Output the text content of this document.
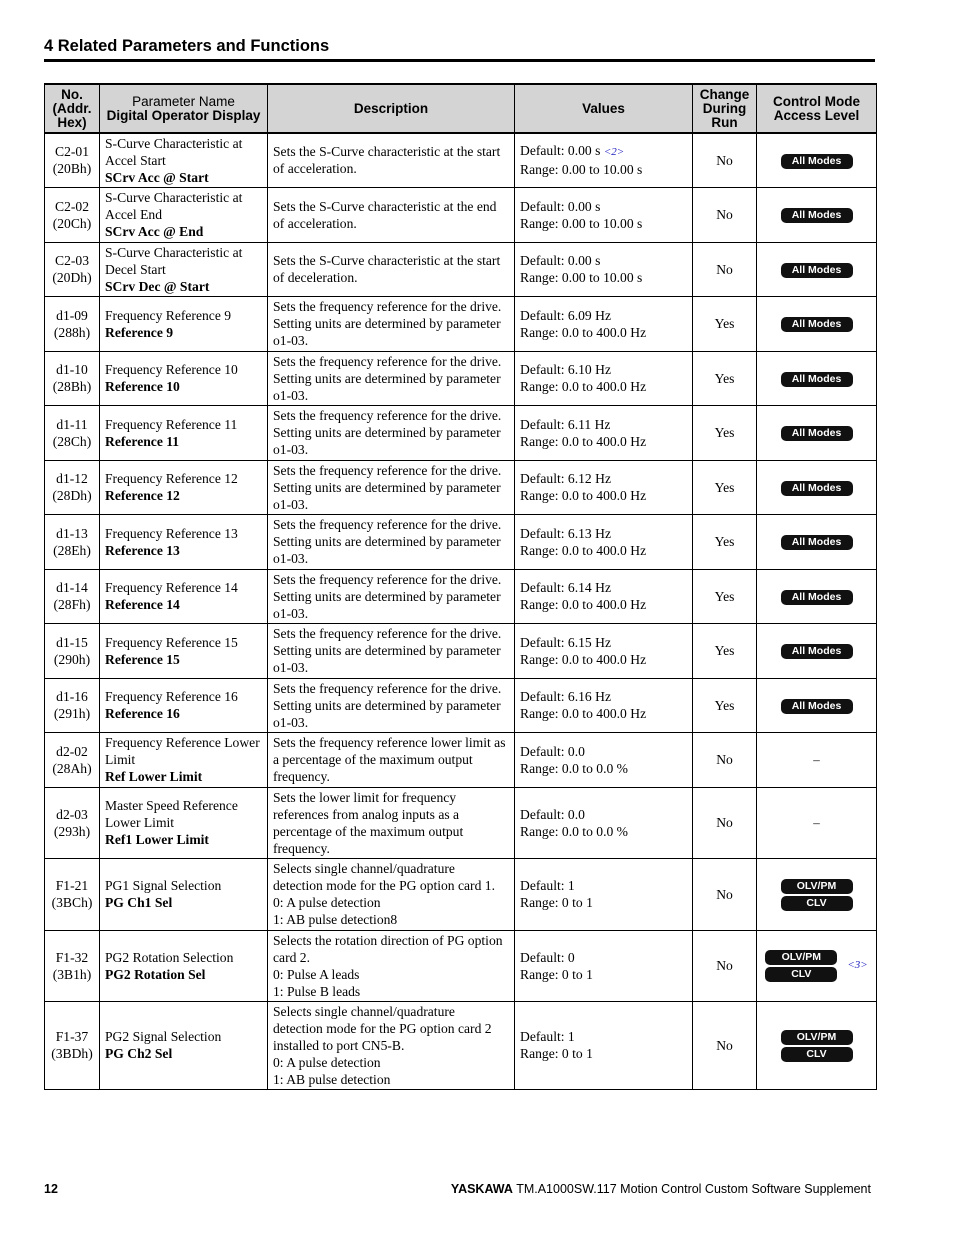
4 Related Parameters and Functions
No.
(Addr.
Hex)	Parameter Name
Digital Operator Display	Description	Values	Change
During
Run	Control Mode
Access Level

C2-01
(20Bh)	S-Curve Characteristic at
Accel Start
SCrv Acc @ Start	Sets the S-Curve characteristic at the start
of acceleration.	Default: 0.00 s <2>
Range: 0.00 to 10.00 s	No	All Modes

C2-02
(20Ch)	S-Curve Characteristic at
Accel End
SCrv Acc @ End	Sets the S-Curve characteristic at the end
of acceleration.	Default: 0.00 s
Range: 0.00 to 10.00 s	No	All Modes

C2-03
(20Dh)	S-Curve Characteristic at
Decel Start
SCrv Dec @ Start	Sets the S-Curve characteristic at the start
of deceleration.	Default: 0.00 s
Range: 0.00 to 10.00 s	No	All Modes

d1-09
(288h)	Frequency Reference 9
Reference 9	Sets the frequency reference for the drive.
Setting units are determined by parameter
o1-03.	Default: 6.09 Hz
Range: 0.0 to 400.0 Hz	Yes	All Modes

d1-10
(28Bh)	Frequency Reference 10
Reference 10	Sets the frequency reference for the drive.
Setting units are determined by parameter
o1-03.	Default: 6.10 Hz
Range: 0.0 to 400.0 Hz	Yes	All Modes

d1-11
(28Ch)	Frequency Reference 11
Reference 11	Sets the frequency reference for the drive.
Setting units are determined by parameter
o1-03.	Default: 6.11 Hz
Range: 0.0 to 400.0 Hz	Yes	All Modes

d1-12
(28Dh)	Frequency Reference 12
Reference 12	Sets the frequency reference for the drive.
Setting units are determined by parameter
o1-03.	Default: 6.12 Hz
Range: 0.0 to 400.0 Hz	Yes	All Modes

d1-13
(28Eh)	Frequency Reference 13
Reference 13	Sets the frequency reference for the drive.
Setting units are determined by parameter
o1-03.	Default: 6.13 Hz
Range: 0.0 to 400.0 Hz	Yes	All Modes

d1-14
(28Fh)	Frequency Reference 14
Reference 14	Sets the frequency reference for the drive.
Setting units are determined by parameter
o1-03.	Default: 6.14 Hz
Range: 0.0 to 400.0 Hz	Yes	All Modes

d1-15
(290h)	Frequency Reference 15
Reference 15	Sets the frequency reference for the drive.
Setting units are determined by parameter
o1-03.	Default: 6.15 Hz
Range: 0.0 to 400.0 Hz	Yes	All Modes

d1-16
(291h)	Frequency Reference 16
Reference 16	Sets the frequency reference for the drive.
Setting units are determined by parameter
o1-03.	Default: 6.16 Hz
Range: 0.0 to 400.0 Hz	Yes	All Modes

d2-02
(28Ah)	Frequency Reference Lower
Limit
Ref Lower Limit	Sets the frequency reference lower limit as
a percentage of the maximum output
frequency.	Default: 0.0
Range: 0.0 to 0.0 %	No	–

d2-03
(293h)	Master Speed Reference
Lower Limit
Ref1 Lower Limit	Sets the lower limit for frequency
references from analog inputs as a
percentage of the maximum output
frequency.	Default: 0.0
Range: 0.0 to 0.0 %	No	–

F1-21
(3BCh)	PG1 Signal Selection
PG Ch1 Sel	Selects single channel/quadrature
detection mode for the PG option card 1.
0: A pulse detection
1: AB pulse detection8	Default: 1
Range: 0 to 1	No	OLV/PM
CLV

F1-32
(3B1h)	PG2 Rotation Selection
PG2 Rotation Sel	Selects the rotation direction of PG option
card 2.
0: Pulse A leads
1: Pulse B leads	Default: 0
Range: 0 to 1	No	OLV/PM
CLV
<3>

F1-37
(3BDh)	PG2 Signal Selection
PG Ch2 Sel	Selects single channel/quadrature
detection mode for the PG option card 2
installed to port CN5-B.
0: A pulse detection
1: AB pulse detection	Default: 1
Range: 0 to 1	No	OLV/PM
CLV
12	YASKAWA TM.A1000SW.117 Motion Control Custom Software Supplement
